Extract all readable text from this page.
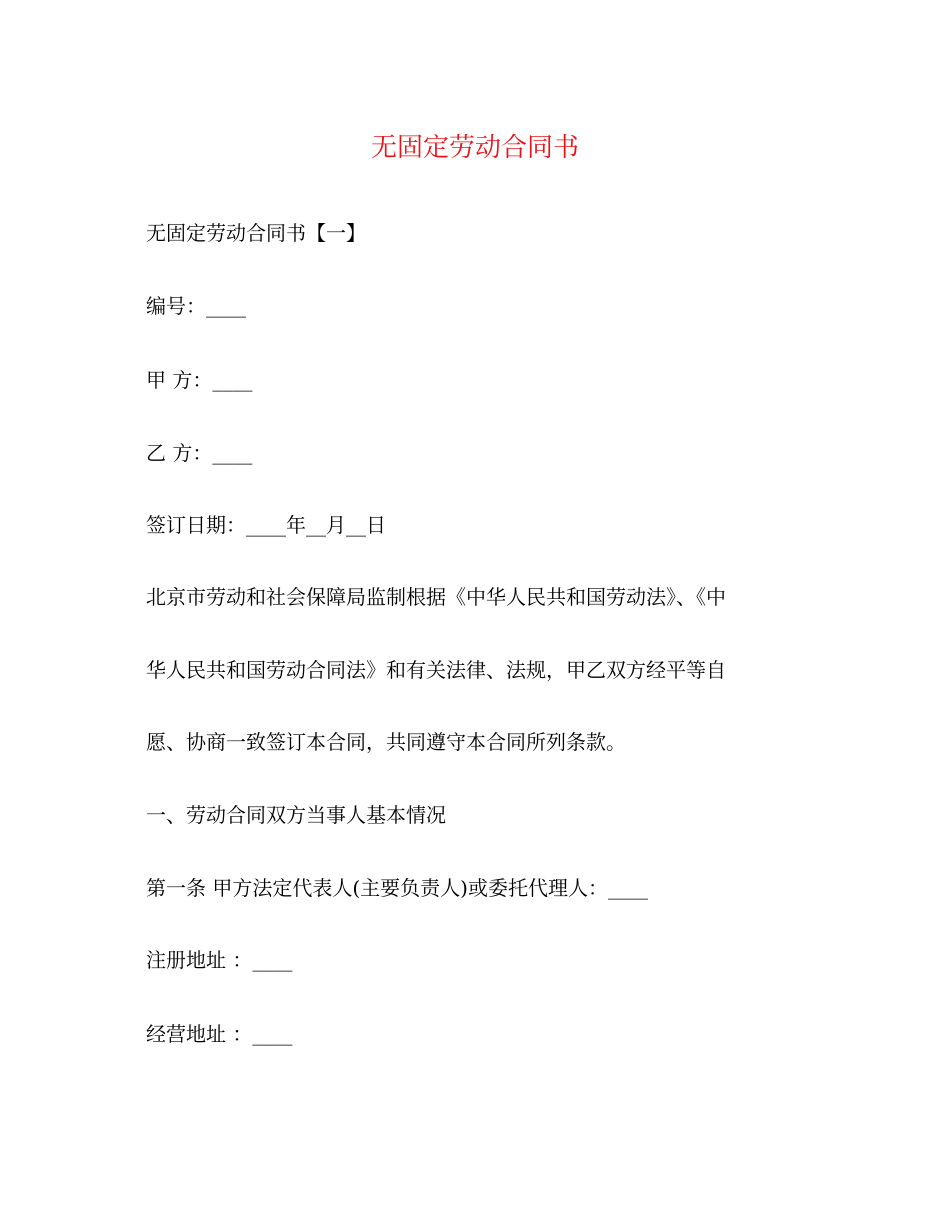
无固定劳动合同书

无固定劳动合同书【一】

编号：____

甲 方：____

乙 方：____

签订日期：____年__月__日

北京市劳动和社会保障局监制根据《中华人民共和国劳动法》、《中

华人民共和国劳动合同法》和有关法律、法规，甲乙双方经平等自

愿、协商一致签订本合同，共同遵守本合同所列条款。

一、劳动合同双方当事人基本情况

第一条 甲方法定代表人(主要负责人)或委托代理人：____

注册地址 ：____

经营地址 ：____
